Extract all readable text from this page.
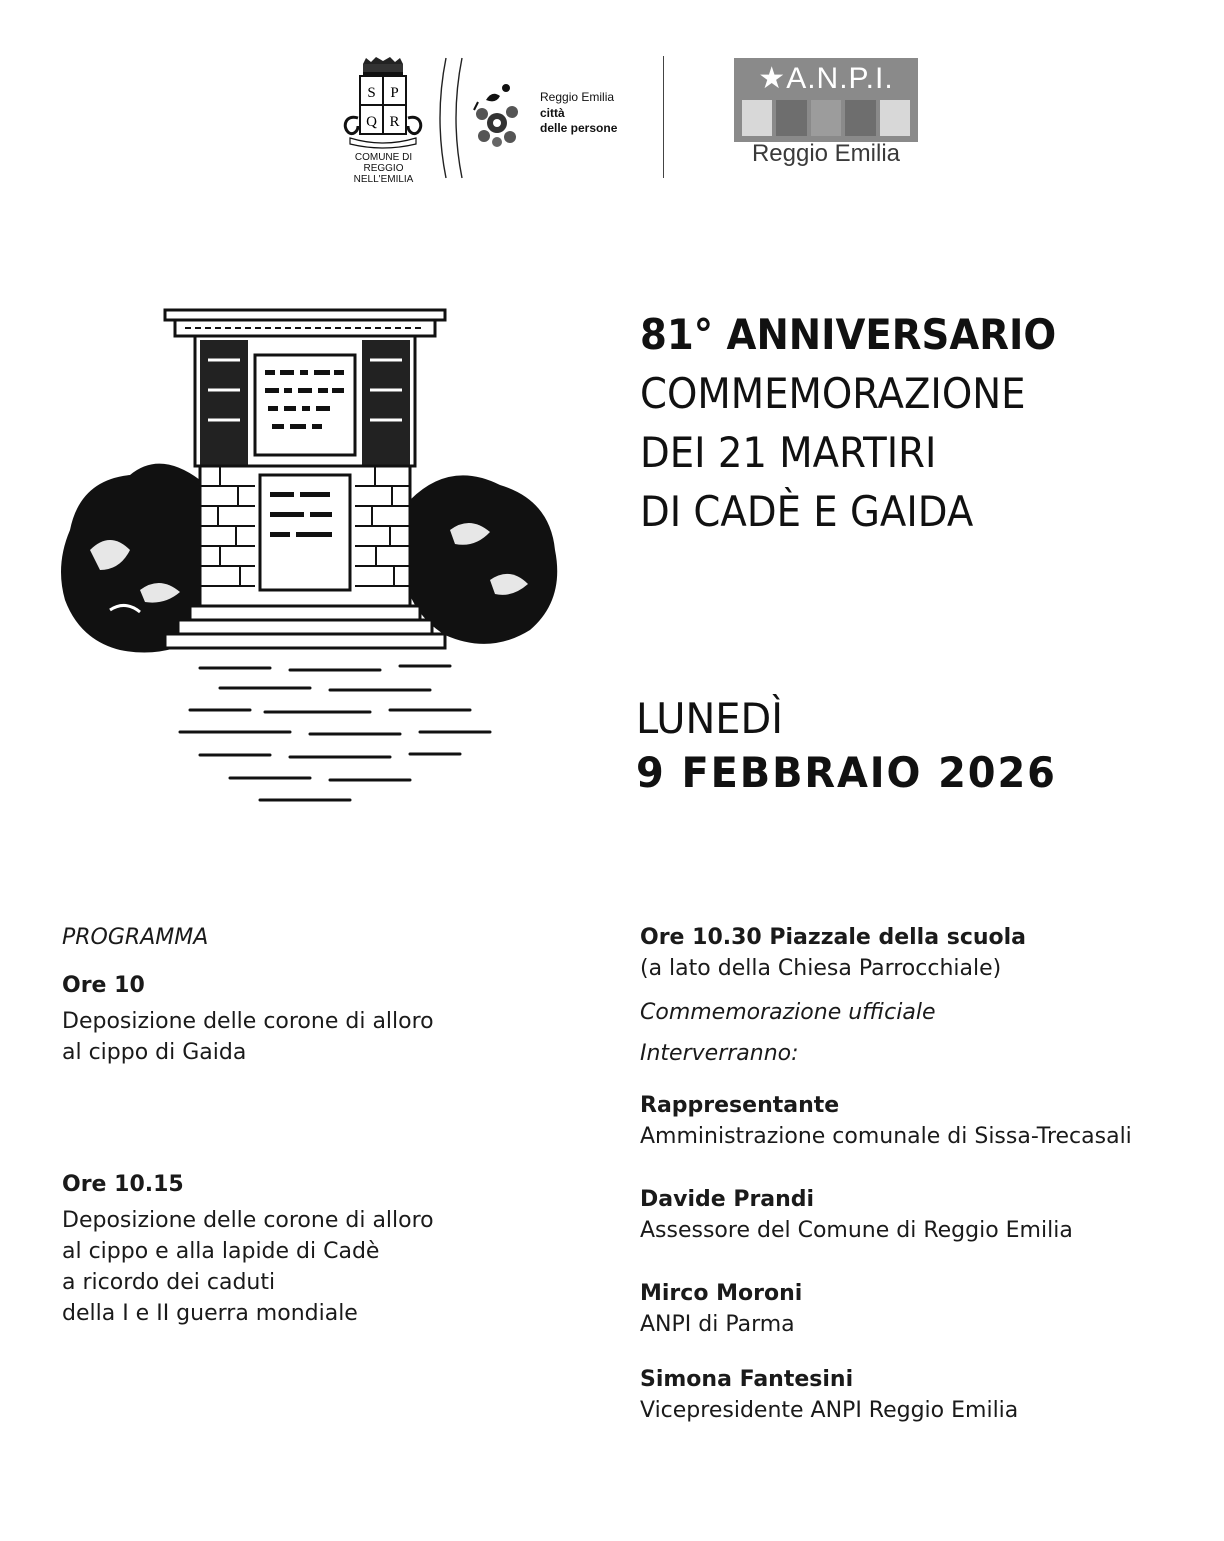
S P
Q R
COMUNE DI
REGGIO NELL'EMILIA
Reggio Emilia
città
delle persone
★A.N.P.I.
Reggio Emilia
81° ANNIVERSARIO
COMMEMORAZIONE
DEI 21 MARTIRI
DI CADÈ E GAIDA
LUNEDÌ
9 FEBBRAIO 2026
PROGRAMMA
Ore 10
Deposizione delle corone di alloro
al cippo di Gaida
Ore 10.15
Deposizione delle corone di alloro
al cippo e alla lapide di Cadè
a ricordo dei caduti
della I e II guerra mondiale
Ore 10.30 Piazzale della scuola
(a lato della Chiesa Parrocchiale)
Commemorazione ufficiale
Interverranno:
Rappresentante
Amministrazione comunale di Sissa-Trecasali
Davide Prandi
Assessore del Comune di Reggio Emilia
Mirco Moroni
ANPI di Parma
Simona Fantesini
Vicepresidente ANPI Reggio Emilia
